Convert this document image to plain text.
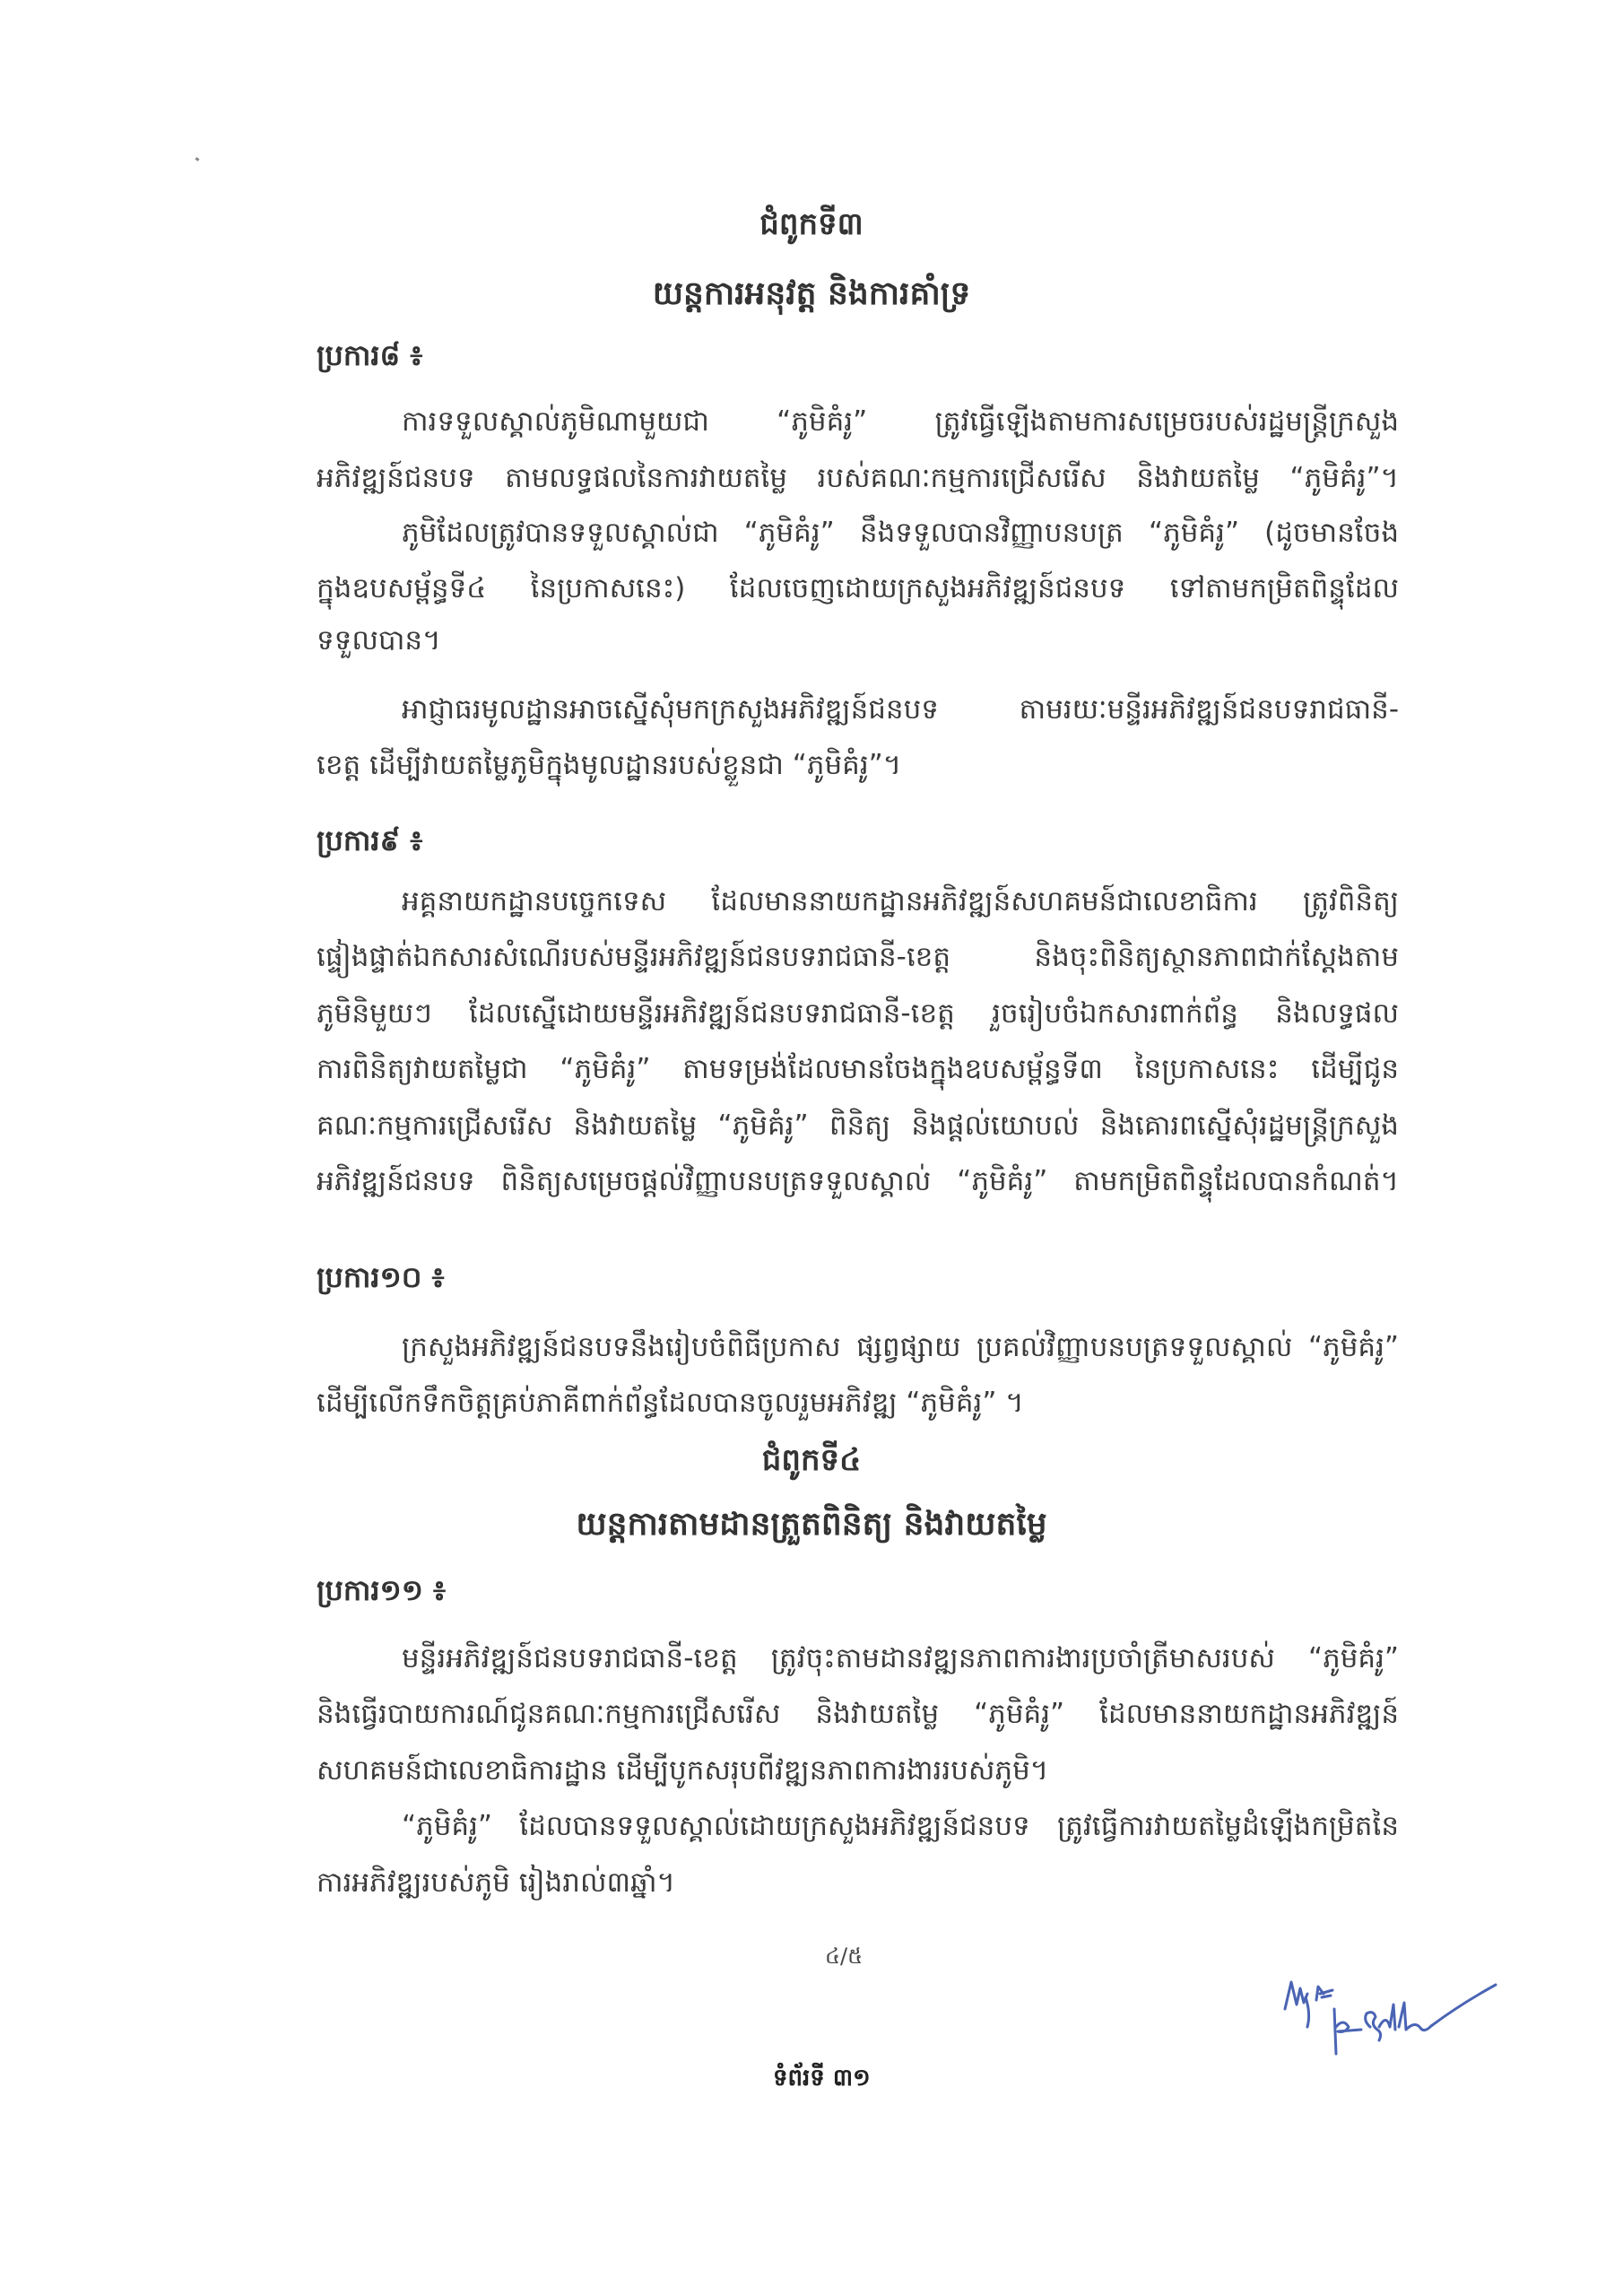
ជំពូកទី៣
យន្តការអនុវត្ត និងការគាំទ្រ
ប្រការ៨ ៖
ការទទួលស្គាល់ភូមិណាមួយជា “ភូមិគំរូ” ត្រូវធ្វើឡើងតាមការសម្រេចរបស់រដ្ឋមន្ត្រីក្រសួង
អភិវឌ្ឍន៍ជនបទ តាមលទ្ធផលនៃការវាយតម្លៃ របស់គណៈកម្មការជ្រើសរើស និងវាយតម្លៃ “ភូមិគំរូ”។
ភូមិដែលត្រូវបានទទួលស្គាល់ជា “ភូមិគំរូ” នឹងទទួលបានវិញ្ញាបនបត្រ “ភូមិគំរូ” (ដូចមានចែង
ក្នុងឧបសម្ព័ន្ធទី៤ នៃប្រកាសនេះ) ដែលចេញដោយក្រសួងអភិវឌ្ឍន៍ជនបទ ទៅតាមកម្រិតពិន្ទុដែល
ទទួលបាន។
អាជ្ញាធរមូលដ្ឋានអាចស្នើសុំមកក្រសួងអភិវឌ្ឍន៍ជនបទ តាមរយៈមន្ទីរអភិវឌ្ឍន៍ជនបទរាជធានី-
ខេត្ត ដើម្បីវាយតម្លៃភូមិក្នុងមូលដ្ឋានរបស់ខ្លួនជា “ភូមិគំរូ”។
ប្រការ៩ ៖
អគ្គនាយកដ្ឋានបច្ចេកទេស ដែលមាននាយកដ្ឋានអភិវឌ្ឍន៍សហគមន៍ជាលេខាធិការ ត្រូវពិនិត្យ
ផ្ទៀងផ្ទាត់ឯកសារសំណើរបស់មន្ទីរអភិវឌ្ឍន៍ជនបទរាជធានី-ខេត្ត និងចុះពិនិត្យស្ថានភាពជាក់ស្តែងតាម
ភូមិនិមួយៗ ដែលស្នើដោយមន្ទីរអភិវឌ្ឍន៍ជនបទរាជធានី-ខេត្ត រួចរៀបចំឯកសារពាក់ព័ន្ធ និងលទ្ធផល
ការពិនិត្យវាយតម្លៃជា “ភូមិគំរូ” តាមទម្រង់ដែលមានចែងក្នុងឧបសម្ព័ន្ធទី៣ នៃប្រកាសនេះ ដើម្បីជូន
គណៈកម្មការជ្រើសរើស និងវាយតម្លៃ “ភូមិគំរូ” ពិនិត្យ និងផ្តល់យោបល់ និងគោរពស្នើសុំរដ្ឋមន្ត្រីក្រសួង
អភិវឌ្ឍន៍ជនបទ ពិនិត្យសម្រេចផ្តល់វិញ្ញាបនបត្រទទួលស្គាល់ “ភូមិគំរូ” តាមកម្រិតពិន្ទុដែលបានកំណត់។
ប្រការ១០ ៖
ក្រសួងអភិវឌ្ឍន៍ជនបទនឹងរៀបចំពិធីប្រកាស ផ្សព្វផ្សាយ ប្រគល់វិញ្ញាបនបត្រទទួលស្គាល់ “ភូមិគំរូ”
ដើម្បីលើកទឹកចិត្តគ្រប់ភាគីពាក់ព័ន្ធដែលបានចូលរួមអភិវឌ្ឍ “ភូមិគំរូ” ។
ជំពូកទី៤
យន្តការតាមដានត្រួតពិនិត្យ និងវាយតម្លៃ
ប្រការ១១ ៖
មន្ទីរអភិវឌ្ឍន៍ជនបទរាជធានី-ខេត្ត ត្រូវចុះតាមដានវឌ្ឍនភាពការងារប្រចាំត្រីមាសរបស់ “ភូមិគំរូ”
និងធ្វើរបាយការណ៍ជូនគណៈកម្មការជ្រើសរើស និងវាយតម្លៃ “ភូមិគំរូ” ដែលមាននាយកដ្ឋានអភិវឌ្ឍន៍
សហគមន៍ជាលេខាធិការដ្ឋាន ដើម្បីបូកសរុបពីវឌ្ឍនភាពការងាររបស់ភូមិ។
“ភូមិគំរូ” ដែលបានទទួលស្គាល់ដោយក្រសួងអភិវឌ្ឍន៍ជនបទ ត្រូវធ្វើការវាយតម្លៃដំឡើងកម្រិតនៃ
ការអភិវឌ្ឍរបស់ភូមិ រៀងរាល់៣ឆ្នាំ។
៤/៥
ទំព័រទី ៣១
